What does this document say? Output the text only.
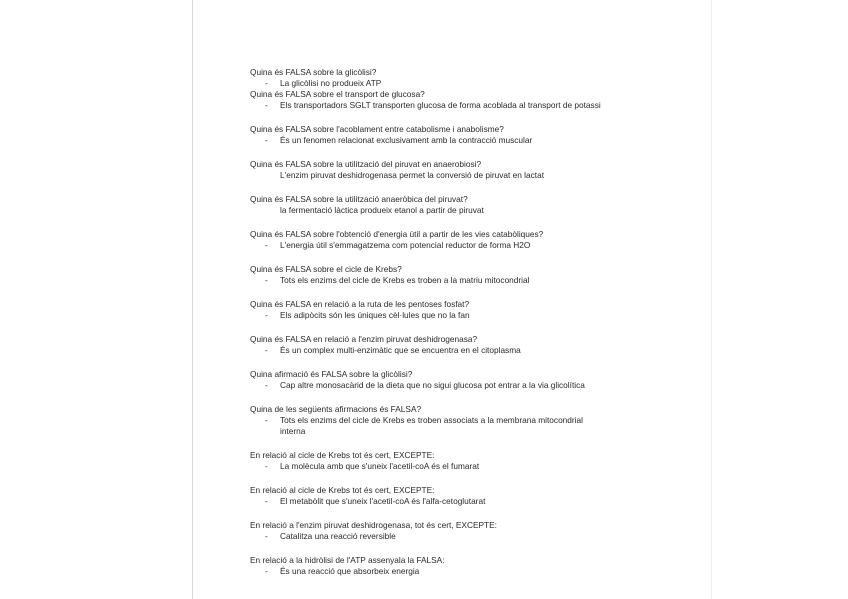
Quina és FALSA sobre la glicòlisi?

-	La glicòlisi no produeix ATP

Quina és FALSA sobre el transport de glucosa?

-	Els transportadors SGLT transporten glucosa de forma acoblada al transport de potassi

Quina és FALSA sobre l'acoblament entre catabolisme i anabolisme?

-	És un fenomen relacionat exclusivament amb la contracció muscular

Quina és FALSA sobre la utilització del piruvat en anaerobiosi?

L'enzim piruvat deshidrogenasa permet la conversió de piruvat en lactat

Quina és FALSA sobre la utilització anaeròbica del piruvat?

la fermentació làctica produeix etanol a partir de piruvat

Quina és FALSA sobre l'obtenció d'energia útil a partir de les vies catabòliques?

-	L'energia útil s'emmagatzema com potencial reductor de forma H2O

Quina és FALSA sobre el cicle de Krebs?

-	Tots els enzims del cicle de Krebs es troben a la matriu mitocondrial

Quina és FALSA en relació a la ruta de les pentoses fosfat?

-	Els adipòcits són les úniques cèl·lules que no la fan

Quina és FALSA en relació a l'enzim piruvat deshidrogenasa?

-	És un complex multi-enzimàtic que se encuentra en el citoplasma

Quina afirmació és FALSA sobre la glicòlisi?

-	Cap altre monosacàrid de la dieta que no sigui glucosa pot entrar a la via glicolítica

Quina de les següents afirmacions és FALSA?

-	Tots els enzims del cicle de Krebs es troben associats a la membrana mitocondrial interna

En relació al cicle de Krebs tot és cert, EXCEPTE:

-	La molècula amb que s'uneix l'acetil-coA és el fumarat

En relació al cicle de Krebs tot és cert, EXCEPTE:

-	El metabòlit que s'uneix l'acetil-coA és l'alfa-cetoglutarat

En relació a l'enzim piruvat deshidrogenasa, tot és cert, EXCEPTE:

-	Catalitza una reacció reversible

En relació a la hidròlisi de l'ATP assenyala la FALSA:

-	És una reacció que absorbeix energia
